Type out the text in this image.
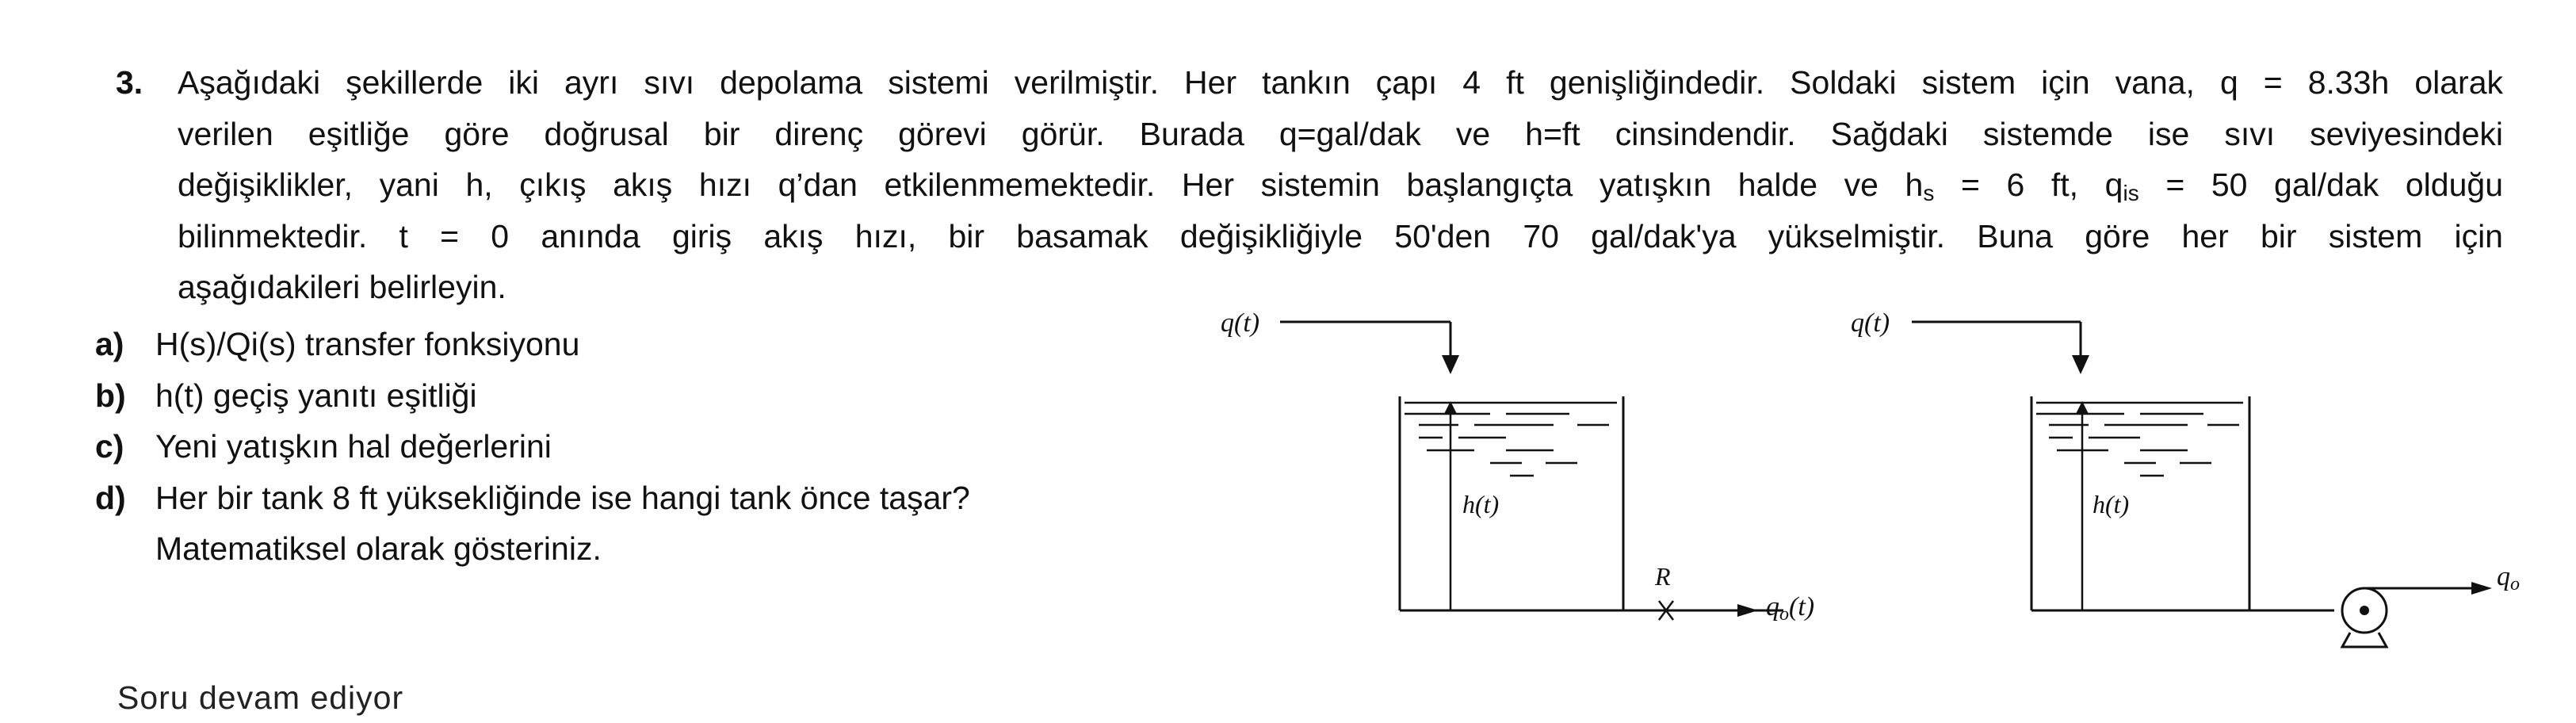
3. Aşağıdaki şekillerde iki ayrı sıvı depolama sistemi verilmiştir. Her tankın çapı 4 ft genişliğindedir. Soldaki sistem için vana, q = 8.33h olarak
verilen eşitliğe göre doğrusal bir direnç görevi görür. Burada q=gal/dak ve h=ft cinsindendir. Sağdaki sistemde ise sıvı seviyesindeki
değişiklikler, yani h, çıkış akış hızı q’dan etkilenmemektedir. Her sistemin başlangıçta yatışkın halde ve $h_s = 6$ ft, $q_{is} = 50$ gal/dak olduğu
bilinmektedir. t = 0 anında giriş akış hızı, bir basamak değişikliğiyle 50'den 70 gal/dak'ya yükselmiştir. Buna göre her bir sistem için
aşağıdakileri belirleyin.
a) H(s)/Qi(s) transfer fonksiyonu
b) h(t) geçiş yanıtı eşitliği
c) Yeni yatışkın hal değerlerini
d) Her bir tank 8 ft yüksekliğinde ise hangi tank önce taşar?
Matematiksel olarak gösteriniz.
q(t)
h(t)
R
qo(t)
q(t)
h(t)
qo
Soru devam ediyor
